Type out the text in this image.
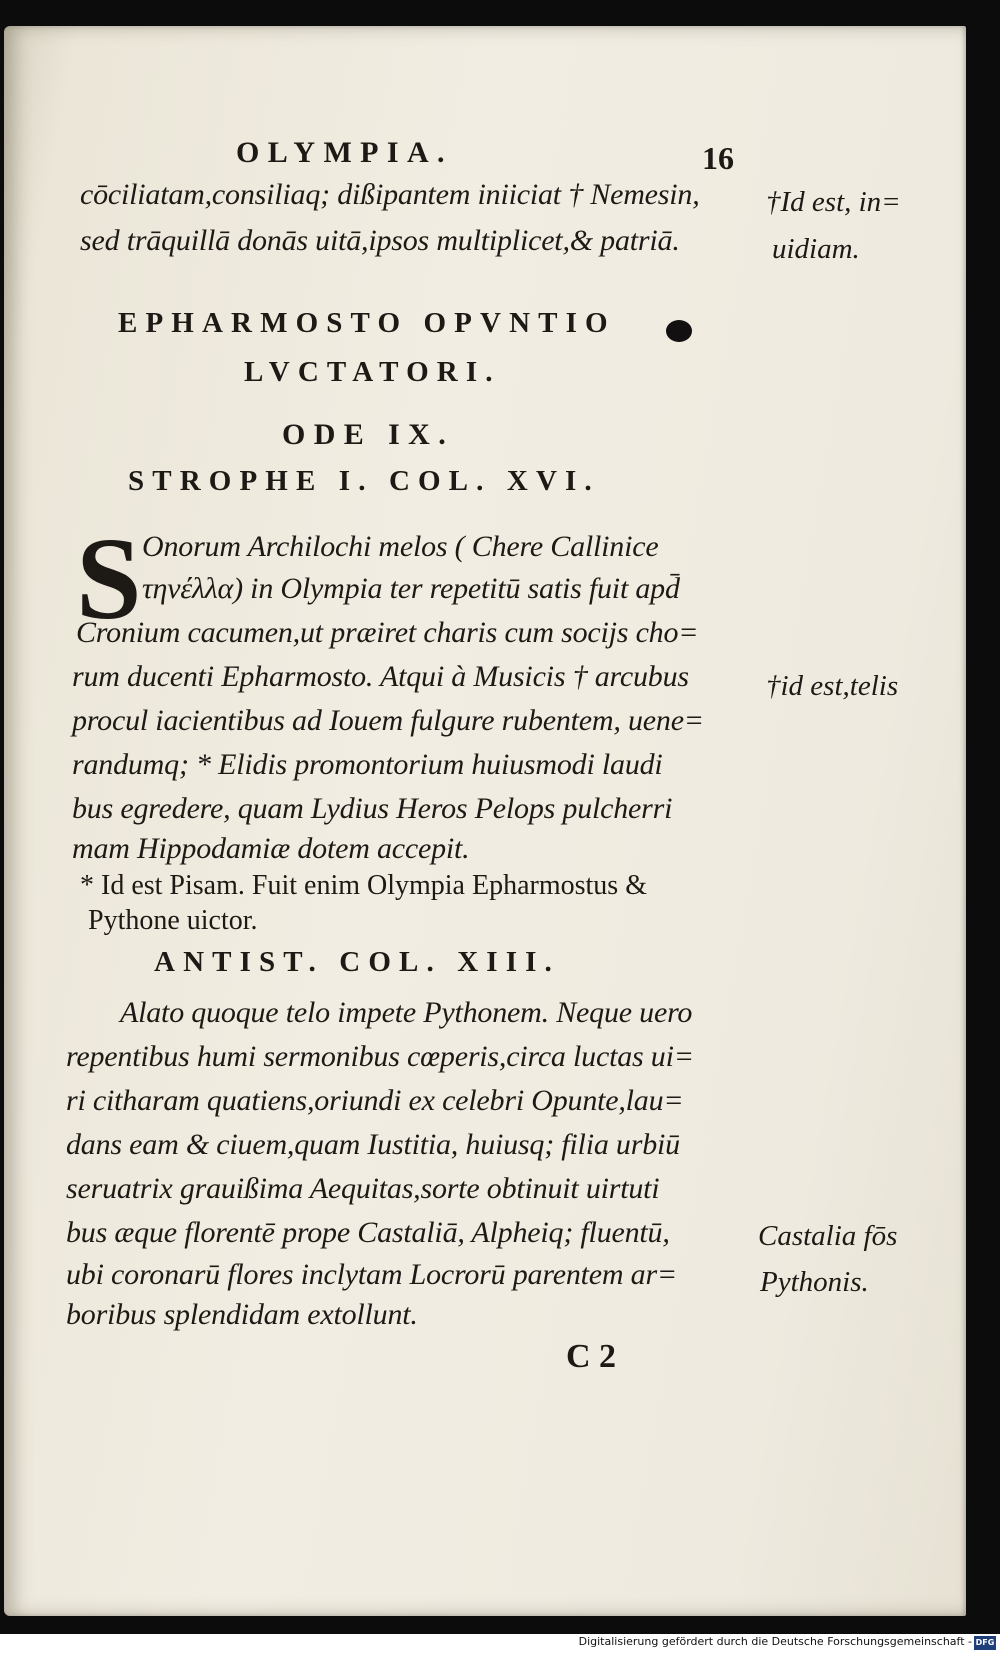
OLYMPIA.	16
cōciliatam,consiliaq; dißipantem iniiciat † Nemesin,
sed trāquillā donās uitā,ipsos multiplicet,& patriā.
†Id est, in=
uidiam.
EPHARMOSTO OPVNTIO
LVCTATORI.
ODE IX.
STROPHE I. COL. XVI.
S Onorum Archilochi melos ( Chere Callinice
τηνέλλα) in Olympia ter repetitū satis fuit apd̄
Cronium cacumen,ut præiret charis cum socijs cho=
rum ducenti Epharmosto. Atqui à Musicis † arcubus
procul iacientibus ad Iouem fulgure rubentem, uene=
randumq; * Elidis promontorium huiusmodi laudi
bus egredere, quam Lydius Heros Pelops pulcherri
mam Hippodamiæ dotem accepit.
†id est,telis
* Id est Pisam. Fuit enim Olympia Epharmostus &
Pythone uictor.
ANTIST. COL. XIII.
Alato quoque telo impete Pythonem. Neque uero
repentibus humi sermonibus cœperis,circa luctas ui=
ri citharam quatiens,oriundi ex celebri Opunte,lau=
dans eam & ciuem,quam Iustitia, huiusq; filia urbiū
seruatrix grauißima Aequitas,sorte obtinuit uirtuti
bus æque florentē prope Castaliā, Alpheiq; fluentū,
ubi coronarū flores inclytam Locrorū parentem ar=
boribus splendidam extollunt.
Castalia fōs
Pythonis.
C 2
Digitalisierung gefördert durch die Deutsche Forschungsgemeinschaft - DFG
